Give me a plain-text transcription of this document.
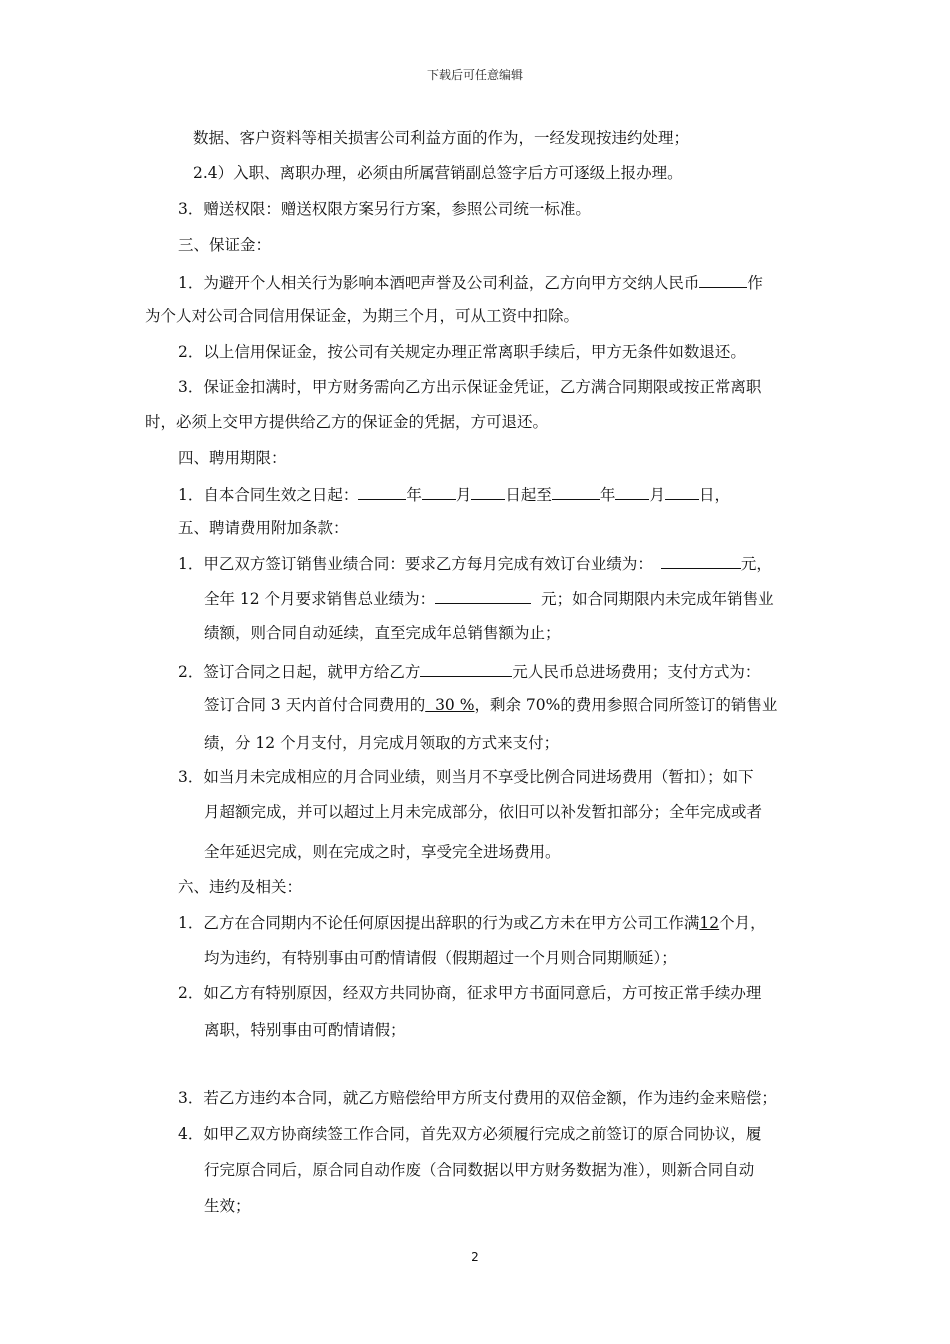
下载后可任意编辑
数据、客户资料等相关损害公司利益方面的作为，一经发现按违约处理；
2.4）入职、离职办理，必须由所属营销副总签字后方可逐级上报办理。
3．赠送权限：赠送权限方案另行方案，参照公司统一标准。
三、保证金：
1．为避开个人相关行为影响本酒吧声誉及公司利益，乙方向甲方交纳人民币	作
为个人对公司合同信用保证金，为期三个月，可从工资中扣除。
2．以上信用保证金，按公司有关规定办理正常离职手续后，甲方无条件如数退还。
3．保证金扣满时，甲方财务需向乙方出示保证金凭证，乙方满合同期限或按正常离职
时，必须上交甲方提供给乙方的保证金的凭据，方可退还。
四、聘用期限：
1．自本合同生效之日起：	年 月 日起至	年 月 日，
五、聘请费用附加条款：
1．甲乙双方签订销售业绩合同：要求乙方每月完成有效订台业绩为：	元，
全年 12 个月要求销售总业绩为：	元；如合同期限内未完成年销售业
绩额，则合同自动延续，直至完成年总销售额为止；
2．签订合同之日起，就甲方给乙方	元人民币总进场费用；支付方式为：
签订合同 3 天内首付合同费用的  30 %，剩余 70%的费用参照合同所签订的销售业
绩，分 12 个月支付，月完成月领取的方式来支付；
3．如当月未完成相应的月合同业绩，则当月不享受比例合同进场费用（暂扣）；如下
月超额完成，并可以超过上月未完成部分，依旧可以补发暂扣部分；全年完成或者
全年延迟完成，则在完成之时，享受完全进场费用。
六、违约及相关：
1．乙方在合同期内不论任何原因提出辞职的行为或乙方未在甲方公司工作满12个月，
均为违约，有特别事由可酌情请假（假期超过一个月则合同期顺延）；
2．如乙方有特别原因，经双方共同协商，征求甲方书面同意后，方可按正常手续办理
离职，特别事由可酌情请假；
3．若乙方违约本合同，就乙方赔偿给甲方所支付费用的双倍金额，作为违约金来赔偿；
4．如甲乙双方协商续签工作合同，首先双方必须履行完成之前签订的原合同协议，履
行完原合同后，原合同自动作废（合同数据以甲方财务数据为准），则新合同自动
生效；
2
